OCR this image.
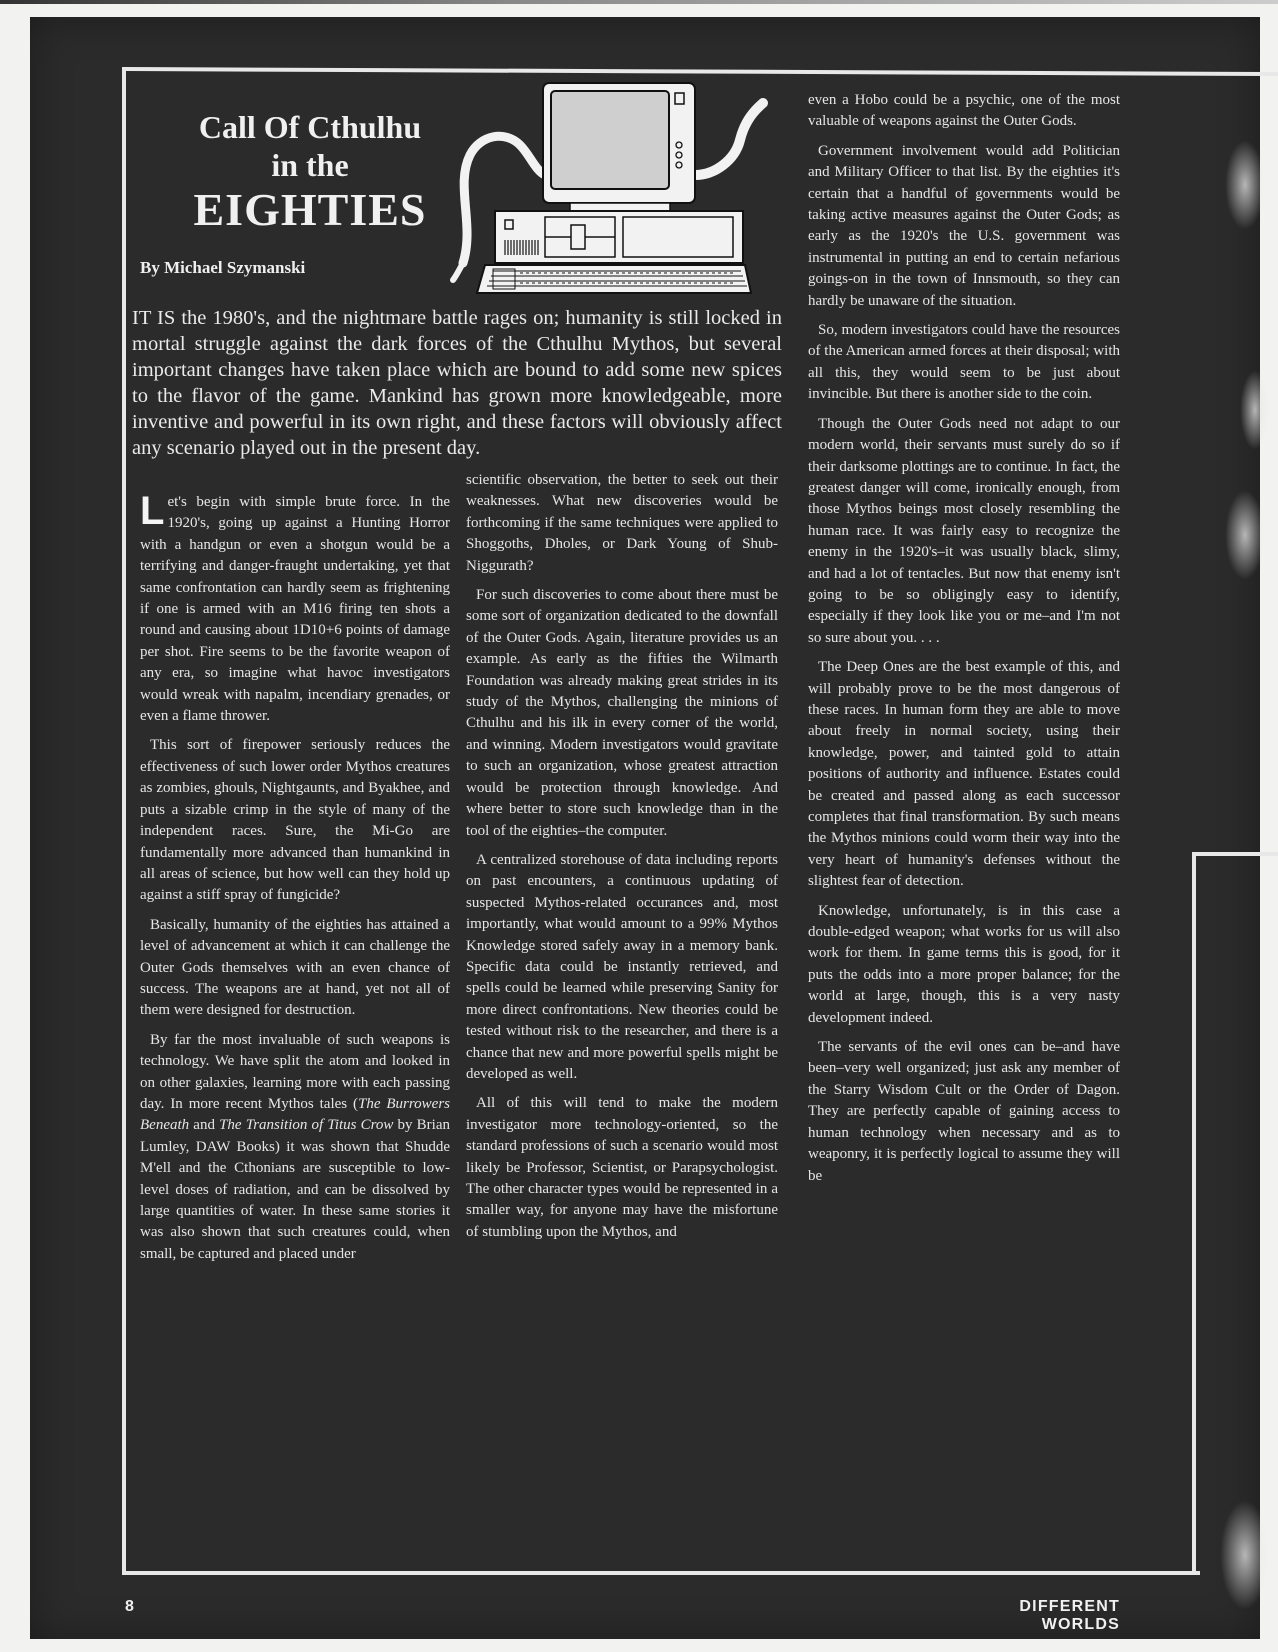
Call Of Cthulhu
in the
EIGHTIES
By Michael Szymanski

IT IS the 1980's, and the nightmare battle rages on; humanity is still locked in mortal struggle against the dark forces of the Cthulhu Mythos, but several important changes have taken place which are bound to add some new spices to the flavor of the game. Mankind has grown more knowledgeable, more inventive and powerful in its own right, and these factors will obviously affect any scenario played out in the present day.

Let's begin with simple brute force. In the 1920's, going up against a Hunting Horror with a handgun or even a shotgun would be a terrifying and danger-fraught undertaking, yet that same confrontation can hardly seem as frightening if one is armed with an M16 firing ten shots a round and causing about 1D10+6 points of damage per shot. Fire seems to be the favorite weapon of any era, so imagine what havoc investigators would wreak with napalm, incendiary grenades, or even a flame thrower.

This sort of firepower seriously reduces the effectiveness of such lower order Mythos creatures as zombies, ghouls, Nightgaunts, and Byakhee, and puts a sizable crimp in the style of many of the independent races. Sure, the Mi-Go are fundamentally more advanced than humankind in all areas of science, but how well can they hold up against a stiff spray of fungicide?

Basically, humanity of the eighties has attained a level of advancement at which it can challenge the Outer Gods themselves with an even chance of success. The weapons are at hand, yet not all of them were designed for destruction.

By far the most invaluable of such weapons is technology. We have split the atom and looked in on other galaxies, learning more with each passing day. In more recent Mythos tales (The Burrowers Beneath and The Transition of Titus Crow by Brian Lumley, DAW Books) it was shown that Shudde M'ell and the Cthonians are susceptible to low-level doses of radiation, and can be dissolved by large quantities of water. In these same stories it was also shown that such creatures could, when small, be captured and placed under

scientific observation, the better to seek out their weaknesses. What new discoveries would be forthcoming if the same techniques were applied to Shoggoths, Dholes, or Dark Young of Shub-Niggurath?

For such discoveries to come about there must be some sort of organization dedicated to the downfall of the Outer Gods. Again, literature provides us an example. As early as the fifties the Wilmarth Foundation was already making great strides in its study of the Mythos, challenging the minions of Cthulhu and his ilk in every corner of the world, and winning. Modern investigators would gravitate to such an organization, whose greatest attraction would be protection through knowledge. And where better to store such knowledge than in the tool of the eighties–the computer.

A centralized storehouse of data including reports on past encounters, a continuous updating of suspected Mythos-related occurances and, most importantly, what would amount to a 99% Mythos Knowledge stored safely away in a memory bank. Specific data could be instantly retrieved, and spells could be learned while preserving Sanity for more direct confrontations. New theories could be tested without risk to the researcher, and there is a chance that new and more powerful spells might be developed as well.

All of this will tend to make the modern investigator more technology-oriented, so the standard professions of such a scenario would most likely be Professor, Scientist, or Parapsychologist. The other character types would be represented in a smaller way, for anyone may have the misfortune of stumbling upon the Mythos, and

even a Hobo could be a psychic, one of the most valuable of weapons against the Outer Gods.

Government involvement would add Politician and Military Officer to that list. By the eighties it's certain that a handful of governments would be taking active measures against the Outer Gods; as early as the 1920's the U.S. government was instrumental in putting an end to certain nefarious goings-on in the town of Innsmouth, so they can hardly be unaware of the situation.

So, modern investigators could have the resources of the American armed forces at their disposal; with all this, they would seem to be just about invincible. But there is another side to the coin.

Though the Outer Gods need not adapt to our modern world, their servants must surely do so if their darksome plottings are to continue. In fact, the greatest danger will come, ironically enough, from those Mythos beings most closely resembling the human race. It was fairly easy to recognize the enemy in the 1920's–it was usually black, slimy, and had a lot of tentacles. But now that enemy isn't going to be so obligingly easy to identify, especially if they look like you or me–and I'm not so sure about you. . . .

The Deep Ones are the best example of this, and will probably prove to be the most dangerous of these races. In human form they are able to move about freely in normal society, using their knowledge, power, and tainted gold to attain positions of authority and influence. Estates could be created and passed along as each successor completes that final transformation. By such means the Mythos minions could worm their way into the very heart of humanity's defenses without the slightest fear of detection.

Knowledge, unfortunately, is in this case a double-edged weapon; what works for us will also work for them. In game terms this is good, for it puts the odds into a more proper balance; for the world at large, though, this is a very nasty development indeed.

The servants of the evil ones can be–and have been–very well organized; just ask any member of the Starry Wisdom Cult or the Order of Dagon. They are perfectly capable of gaining access to human technology when necessary and as to weaponry, it is perfectly logical to assume they will be

8	DIFFERENT WORLDS
